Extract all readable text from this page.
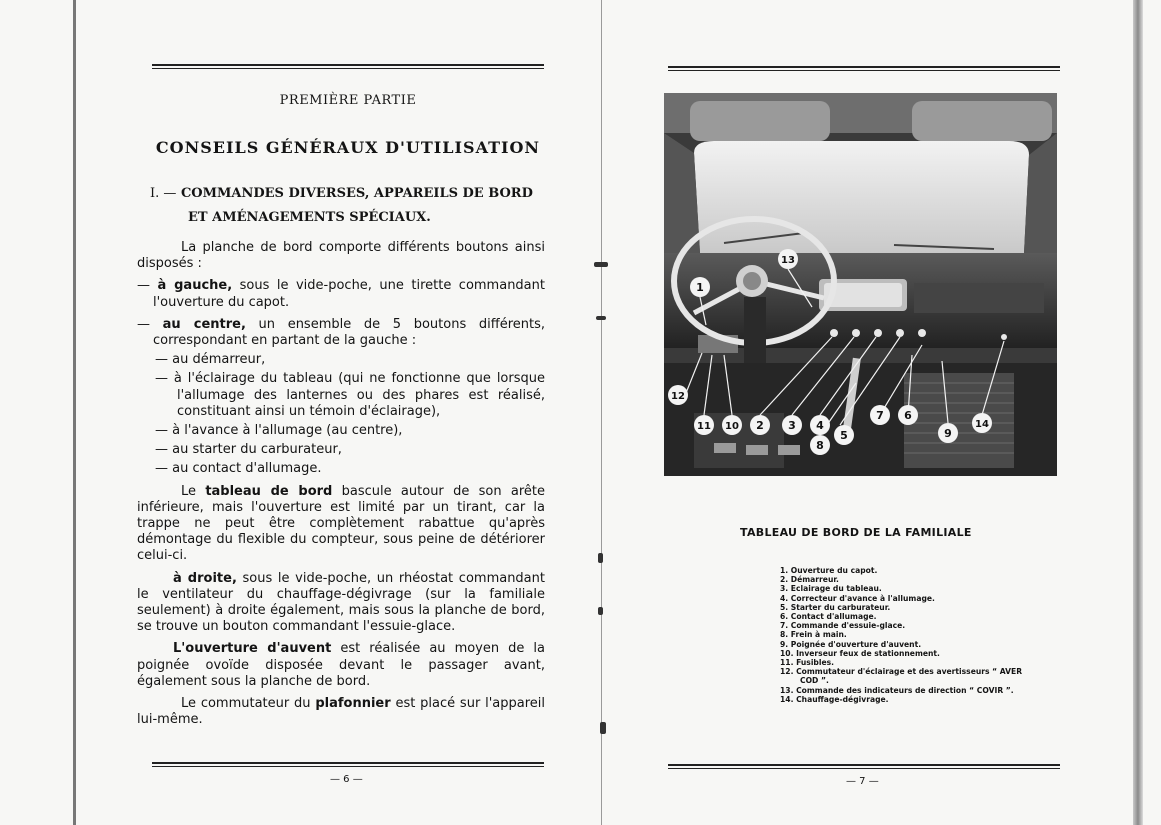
PREMIÈRE PARTIE
CONSEILS GÉNÉRAUX D'UTILISATION
I. — COMMANDES DIVERSES, APPAREILS DE BORD
ET AMÉNAGEMENTS SPÉCIAUX.

La planche de bord comporte différents boutons ainsi disposés :

— à gauche, sous le vide-poche, une tirette commandant l'ouverture du capot.

— au centre, un ensemble de 5 boutons différents, correspondant en partant de la gauche :

— au démarreur,
— à l'éclairage du tableau (qui ne fonctionne que lorsque l'allumage des lanternes ou des phares est réalisé, constituant ainsi un témoin d'éclairage),
— à l'avance à l'allumage (au centre),
— au starter du carburateur,
— au contact d'allumage.

Le tableau de bord bascule autour de son arête inférieure, mais l'ouverture est limité par un tirant, car la trappe ne peut être complètement rabattue qu'après démontage du flexible du compteur, sous peine de détériorer celui-ci.

à droite, sous le vide-poche, un rhéostat commandant le ventilateur du chauffage-dégivrage (sur la familiale seulement) à droite également, mais sous la planche de bord, se trouve un bouton commandant l'essuie-glace.

L'ouverture d'auvent est réalisée au moyen de la poignée ovoïde disposée devant le passager avant, également sous la planche de bord.

Le commutateur du plafonnier est placé sur l'appareil lui-même.

— 6 —
1
13
12
11 10 2 3 4
8
5
7 6
9
14
TABLEAU DE BORD DE LA FAMILIALE
1. Ouverture du capot.
2. Démarreur.
3. Eclairage du tableau.
4. Correcteur d'avance à l'allumage.
5. Starter du carburateur.
6. Contact d'allumage.
7. Commande d'essuie-glace.
8. Frein à main.
9. Poignée d'ouverture d'auvent.
10. Inverseur feux de stationnement.
11. Fusibles.
12. Commutateur d'éclairage et des avertisseurs “ AVER
COD ”.
13. Commande des indicateurs de direction “ COVIR ”.
14. Chauffage-dégivrage.
— 7 —
